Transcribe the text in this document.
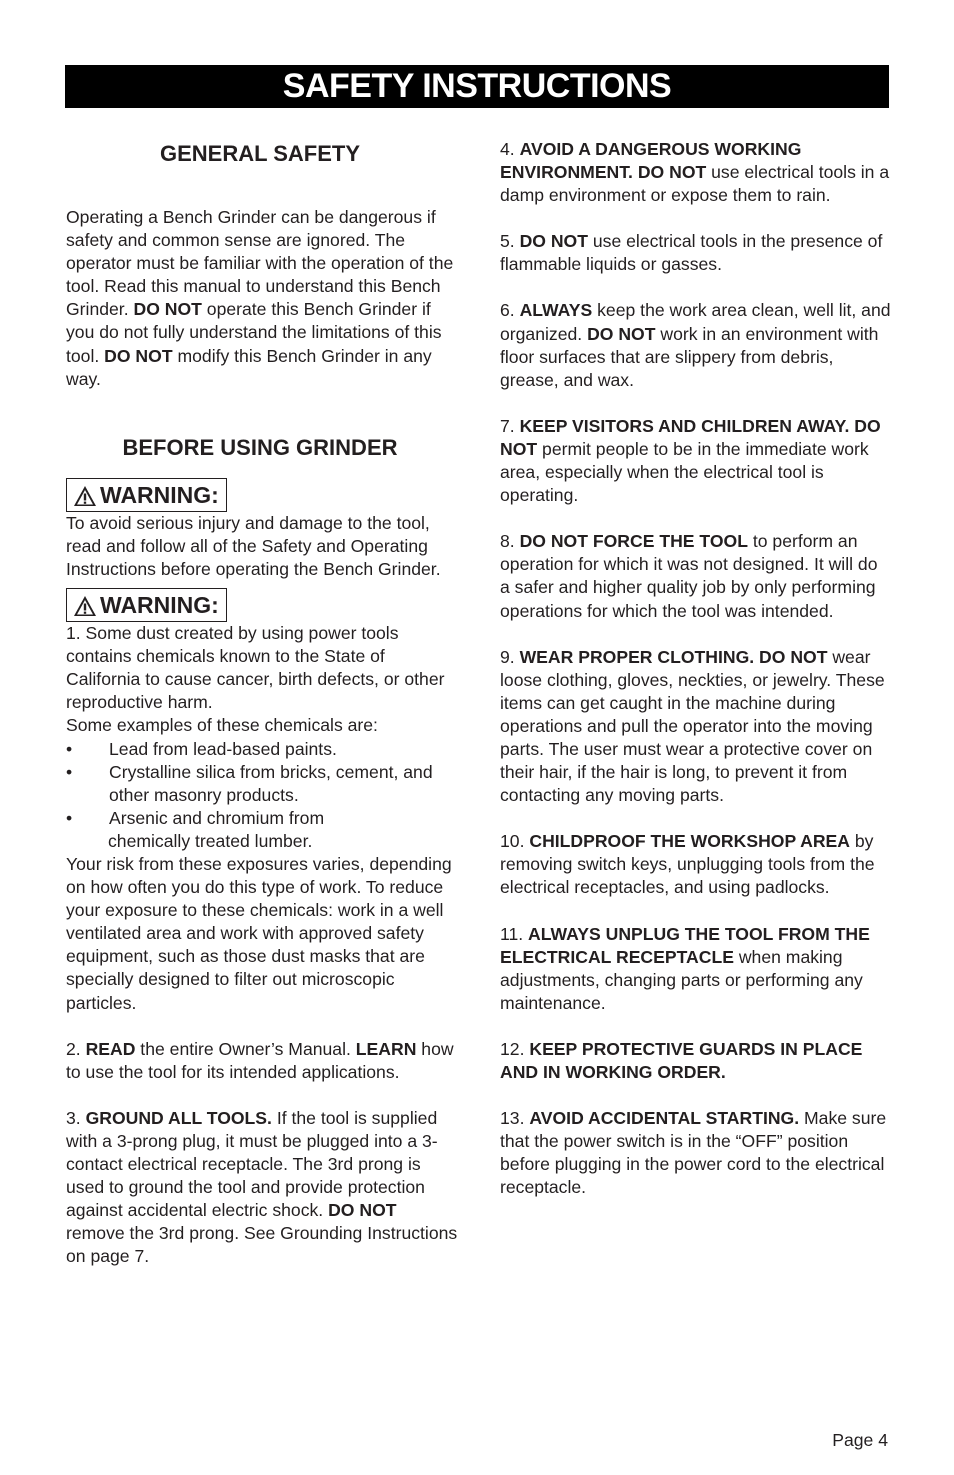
SAFETY INSTRUCTIONS
GENERAL SAFETY

Operating a Bench Grinder can be dangerous if safety and common sense are ignored. The operator must be familiar with the operation of the tool. Read this manual to understand this Bench Grinder. DO NOT operate this Bench Grinder if you do not fully understand the limitations of this tool. DO NOT modify this Bench Grinder in any way.

BEFORE USING GRINDER
WARNING:

To avoid serious injury and damage to the tool, read and follow all of the Safety and Operating Instructions before operating the Bench Grinder.

WARNING:

1. Some dust created by using power tools contains chemicals known to the State of California to cause cancer, birth defects, or other reproductive harm.

Some examples of these chemicals are:

•	Lead from lead-based paints.
•	Crystalline silica from bricks, cement, and other masonry products.
•	Arsenic and chromium from

chemically treated lumber.

Your risk from these exposures varies, depending on how often you do this type of work. To reduce your exposure to these chemicals: work in a well ventilated area and work with approved safety equipment, such as those dust masks that are specially designed to filter out microscopic particles.

2. READ the entire Owner’s Manual. LEARN how to use the tool for its intended applications.

3. GROUND ALL TOOLS. If the tool is supplied with a 3-prong plug, it must be plugged into a 3-contact electrical receptacle. The 3rd prong is used to ground the tool and provide protection against accidental electric shock. DO NOT remove the 3rd prong. See Grounding Instructions on page 7.

4. AVOID A DANGEROUS WORKING ENVIRONMENT. DO NOT use electrical tools in a damp environment or expose them to rain.

5. DO NOT use electrical tools in the presence of flammable liquids or gasses.

6. ALWAYS keep the work area clean, well lit, and organized. DO NOT work in an environment with floor surfaces that are slippery from debris, grease, and wax.

7. KEEP VISITORS AND CHILDREN AWAY. DO NOT permit people to be in the immediate work area, especially when the electrical tool is operating.

8. DO NOT FORCE THE TOOL to perform an operation for which it was not designed. It will do a safer and higher quality job by only performing operations for which the tool was intended.

9. WEAR PROPER CLOTHING. DO NOT wear loose clothing, gloves, neckties, or jewelry. These items can get caught in the machine during operations and pull the operator into the moving parts. The user must wear a protective cover on their hair, if the hair is long, to prevent it from contacting any moving parts.

10. CHILDPROOF THE WORKSHOP AREA by removing switch keys, unplugging tools from the electrical receptacles, and using padlocks.

11. ALWAYS UNPLUG THE TOOL FROM THE ELECTRICAL RECEPTACLE when making adjustments, changing parts or performing any maintenance.

12. KEEP PROTECTIVE GUARDS IN PLACE AND IN WORKING ORDER.

13. AVOID ACCIDENTAL STARTING. Make sure that the power switch is in the “OFF” position before plugging in the power cord to the electrical receptacle.

Page 4
